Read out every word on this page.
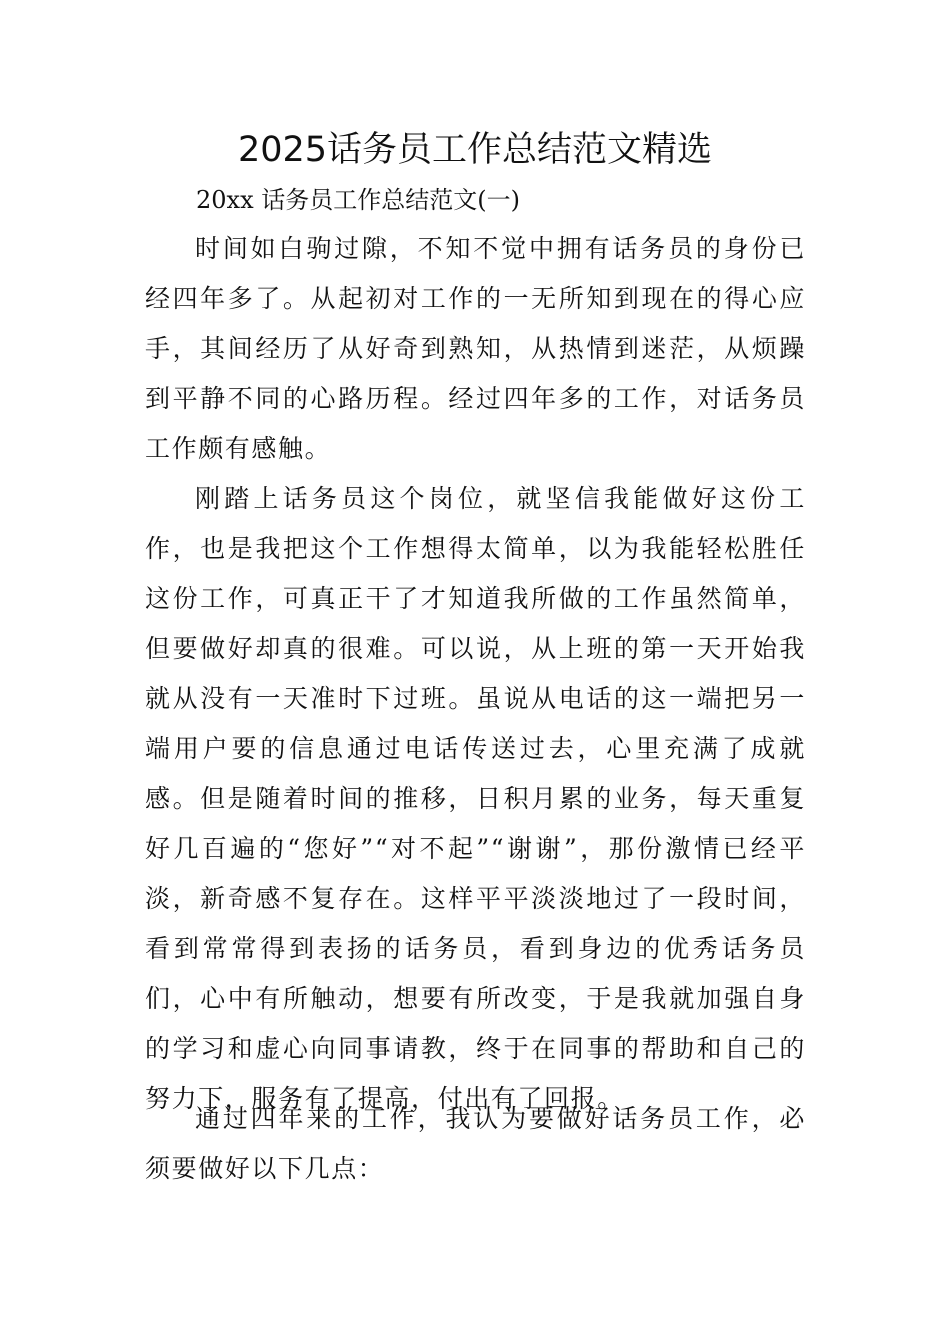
2025话务员工作总结范文精选

20xx 话务员工作总结范文(一)

时间如白驹过隙，不知不觉中拥有话务员的身份已经四年多了。从起初对工作的一无所知到现在的得心应手，其间经历了从好奇到熟知，从热情到迷茫，从烦躁到平静不同的心路历程。经过四年多的工作，对话务员工作颇有感触。

刚踏上话务员这个岗位，就坚信我能做好这份工作，也是我把这个工作想得太简单，以为我能轻松胜任这份工作，可真正干了才知道我所做的工作虽然简单，但要做好却真的很难。可以说，从上班的第一天开始我就从没有一天准时下过班。虽说从电话的这一端把另一端用户要的信息通过电话传送过去，心里充满了成就感。但是随着时间的推移，日积月累的业务，每天重复好几百遍的“您好”“对不起”“谢谢”，那份激情已经平淡，新奇感不复存在。这样平平淡淡地过了一段时间，看到常常得到表扬的话务员，看到身边的优秀话务员们，心中有所触动，想要有所改变，于是我就加强自身的学习和虚心向同事请教，终于在同事的帮助和自己的努力下，服务有了提高，付出有了回报。

通过四年来的工作，我认为要做好话务员工作，必须要做好以下几点：
